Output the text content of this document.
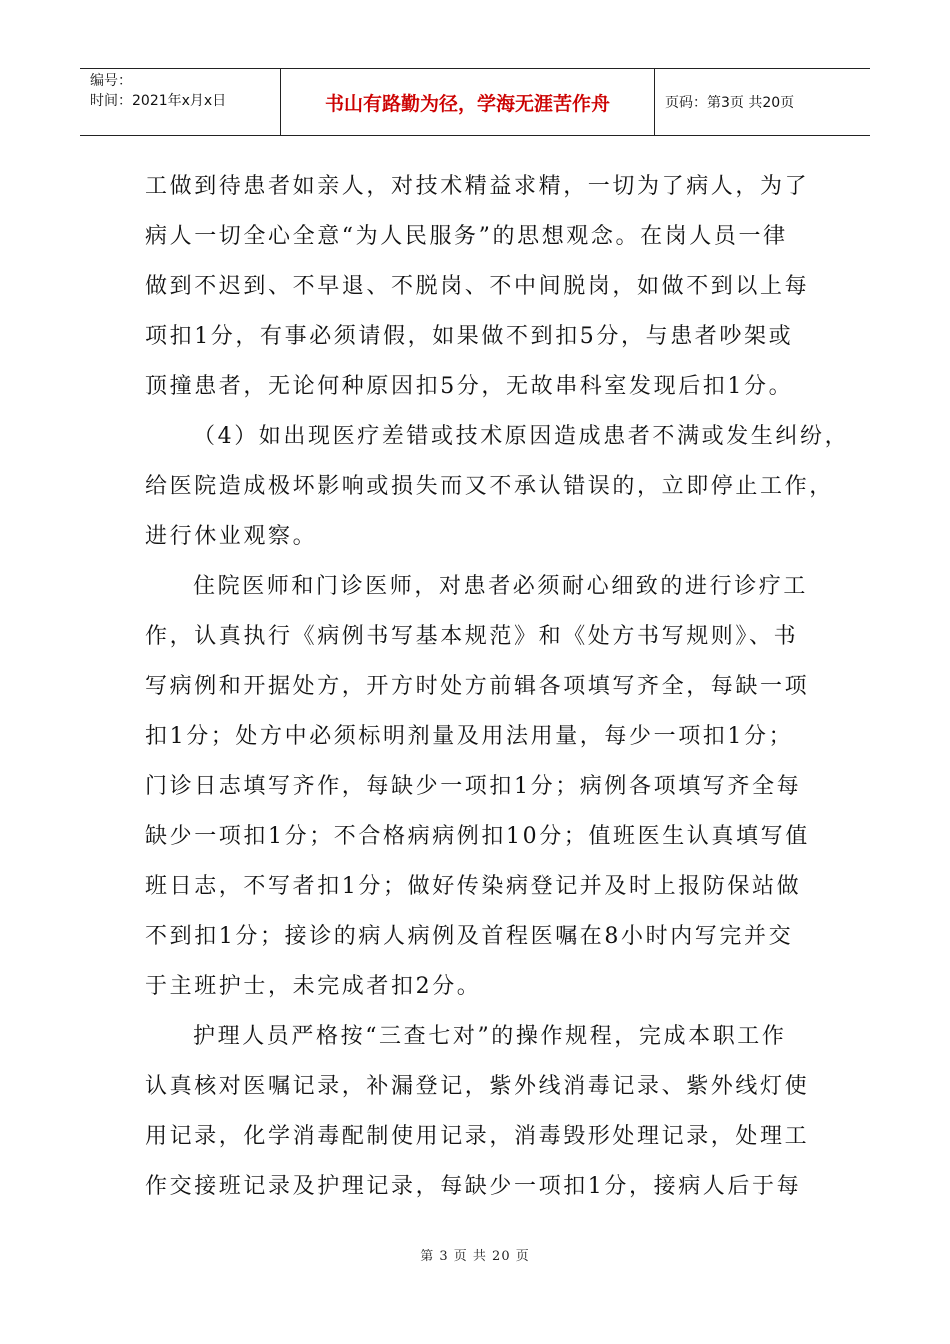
编号：
时间：2021年x月x日	书山有路勤为径，学海无涯苦作舟	页码：第3页 共20页
工做到待患者如亲人，对技术精益求精，一切为了病人，为了
病人一切全心全意“为人民服务”的思想观念。在岗人员一律
做到不迟到、不早退、不脱岗、不中间脱岗，如做不到以上每
项扣1分，有事必须请假，如果做不到扣5分，与患者吵架或
顶撞患者，无论何种原因扣5分，无故串科室发现后扣1分。
（4）如出现医疗差错或技术原因造成患者不满或发生纠纷，
给医院造成极坏影响或损失而又不承认错误的，立即停止工作，
进行休业观察。
住院医师和门诊医师，对患者必须耐心细致的进行诊疗工
作，认真执行《病例书写基本规范》和《处方书写规则》、书
写病例和开据处方，开方时处方前辑各项填写齐全，每缺一项
扣1分；处方中必须标明剂量及用法用量，每少一项扣1分；
门诊日志填写齐作，每缺少一项扣1分；病例各项填写齐全每
缺少一项扣1分；不合格病病例扣10分；值班医生认真填写值
班日志，不写者扣1分；做好传染病登记并及时上报防保站做
不到扣1分；接诊的病人病例及首程医嘱在8小时内写完并交
于主班护士，未完成者扣2分。
护理人员严格按“三查七对”的操作规程，完成本职工作
认真核对医嘱记录，补漏登记，紫外线消毒记录、紫外线灯使
用记录，化学消毒配制使用记录，消毒毁形处理记录，处理工
作交接班记录及护理记录，每缺少一项扣1分，接病人后于每
第 3 页 共 20 页
